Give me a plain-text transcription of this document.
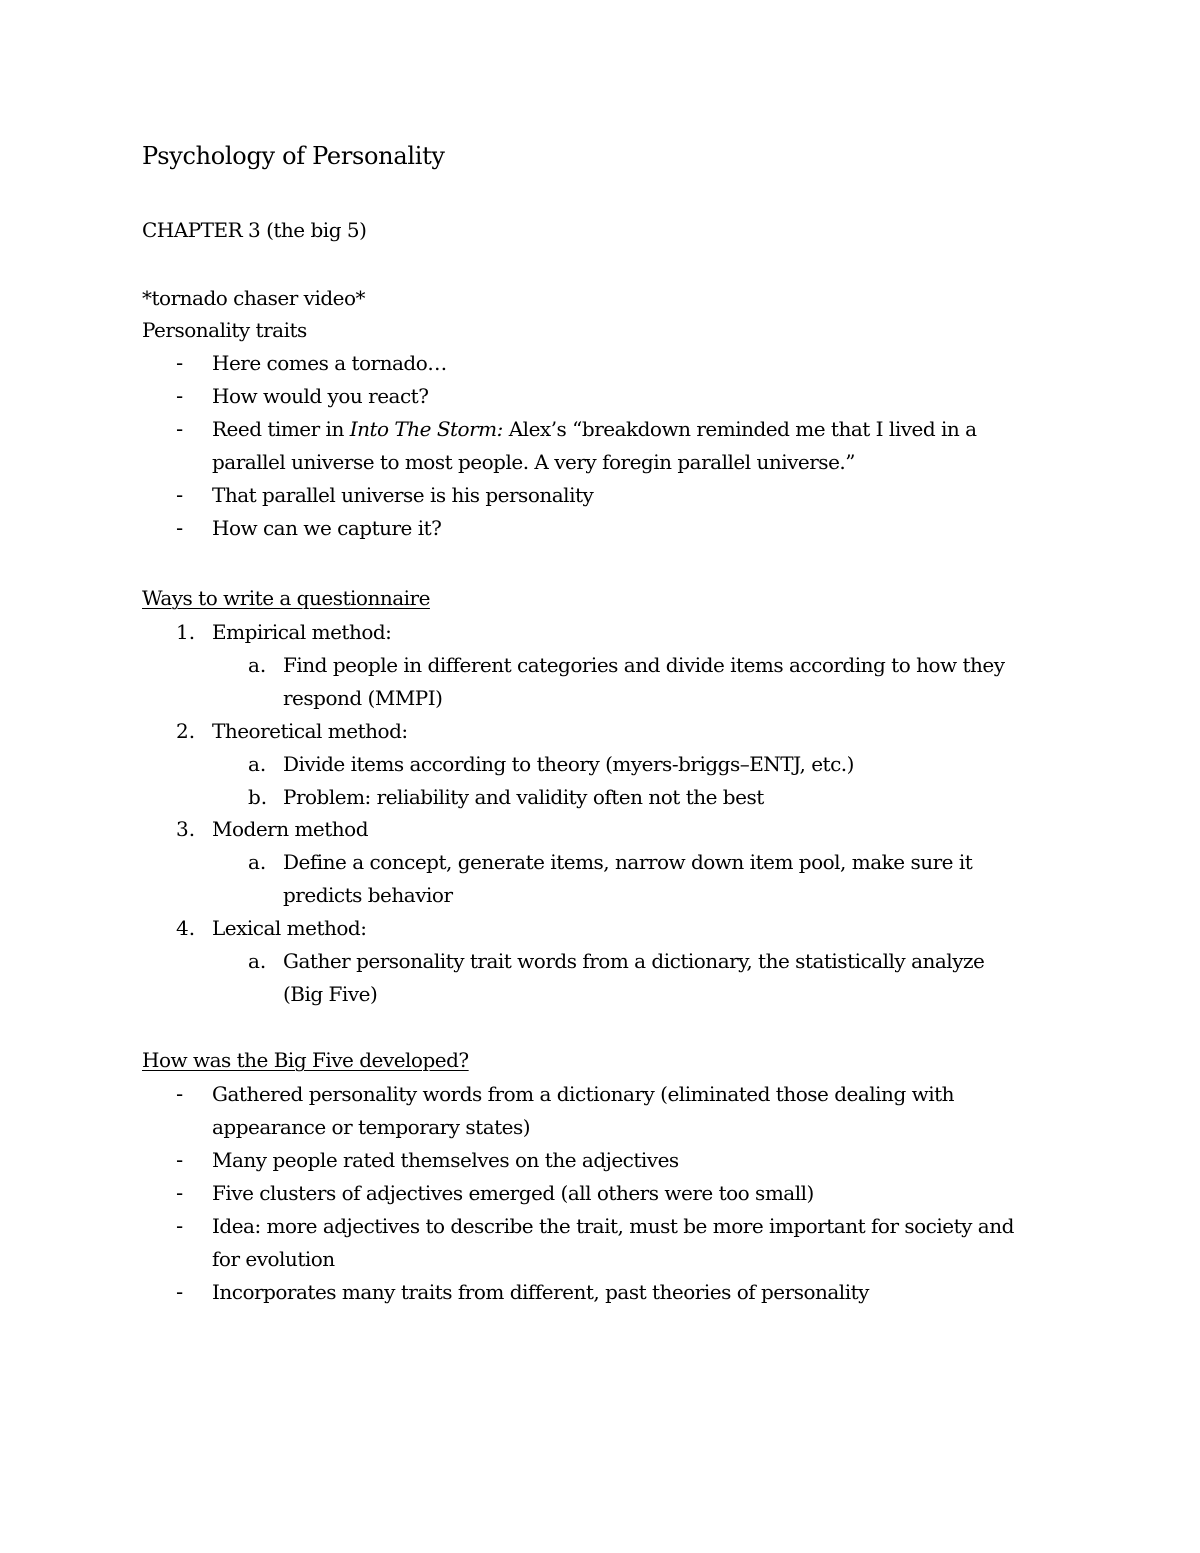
Psychology of Personality
CHAPTER 3 (the big 5)
*tornado chaser video*
Personality traits
- Here comes a tornado…
- How would you react?
- Reed timer in Into The Storm: Alex’s “breakdown reminded me that I lived in a
parallel universe to most people. A very foregin parallel universe.”
- That parallel universe is his personality
- How can we capture it?
Ways to write a questionnaire
1. Empirical method:
a. Find people in different categories and divide items according to how they
respond (MMPI)
2. Theoretical method:
a. Divide items according to theory (myers-briggs–ENTJ, etc.)
b. Problem: reliability and validity often not the best
3. Modern method
a. Define a concept, generate items, narrow down item pool, make sure it
predicts behavior
4. Lexical method:
a. Gather personality trait words from a dictionary, the statistically analyze
(Big Five)
How was the Big Five developed?
- Gathered personality words from a dictionary (eliminated those dealing with
appearance or temporary states)
- Many people rated themselves on the adjectives
- Five clusters of adjectives emerged (all others were too small)
- Idea: more adjectives to describe the trait, must be more important for society and
for evolution
- Incorporates many traits from different, past theories of personality
